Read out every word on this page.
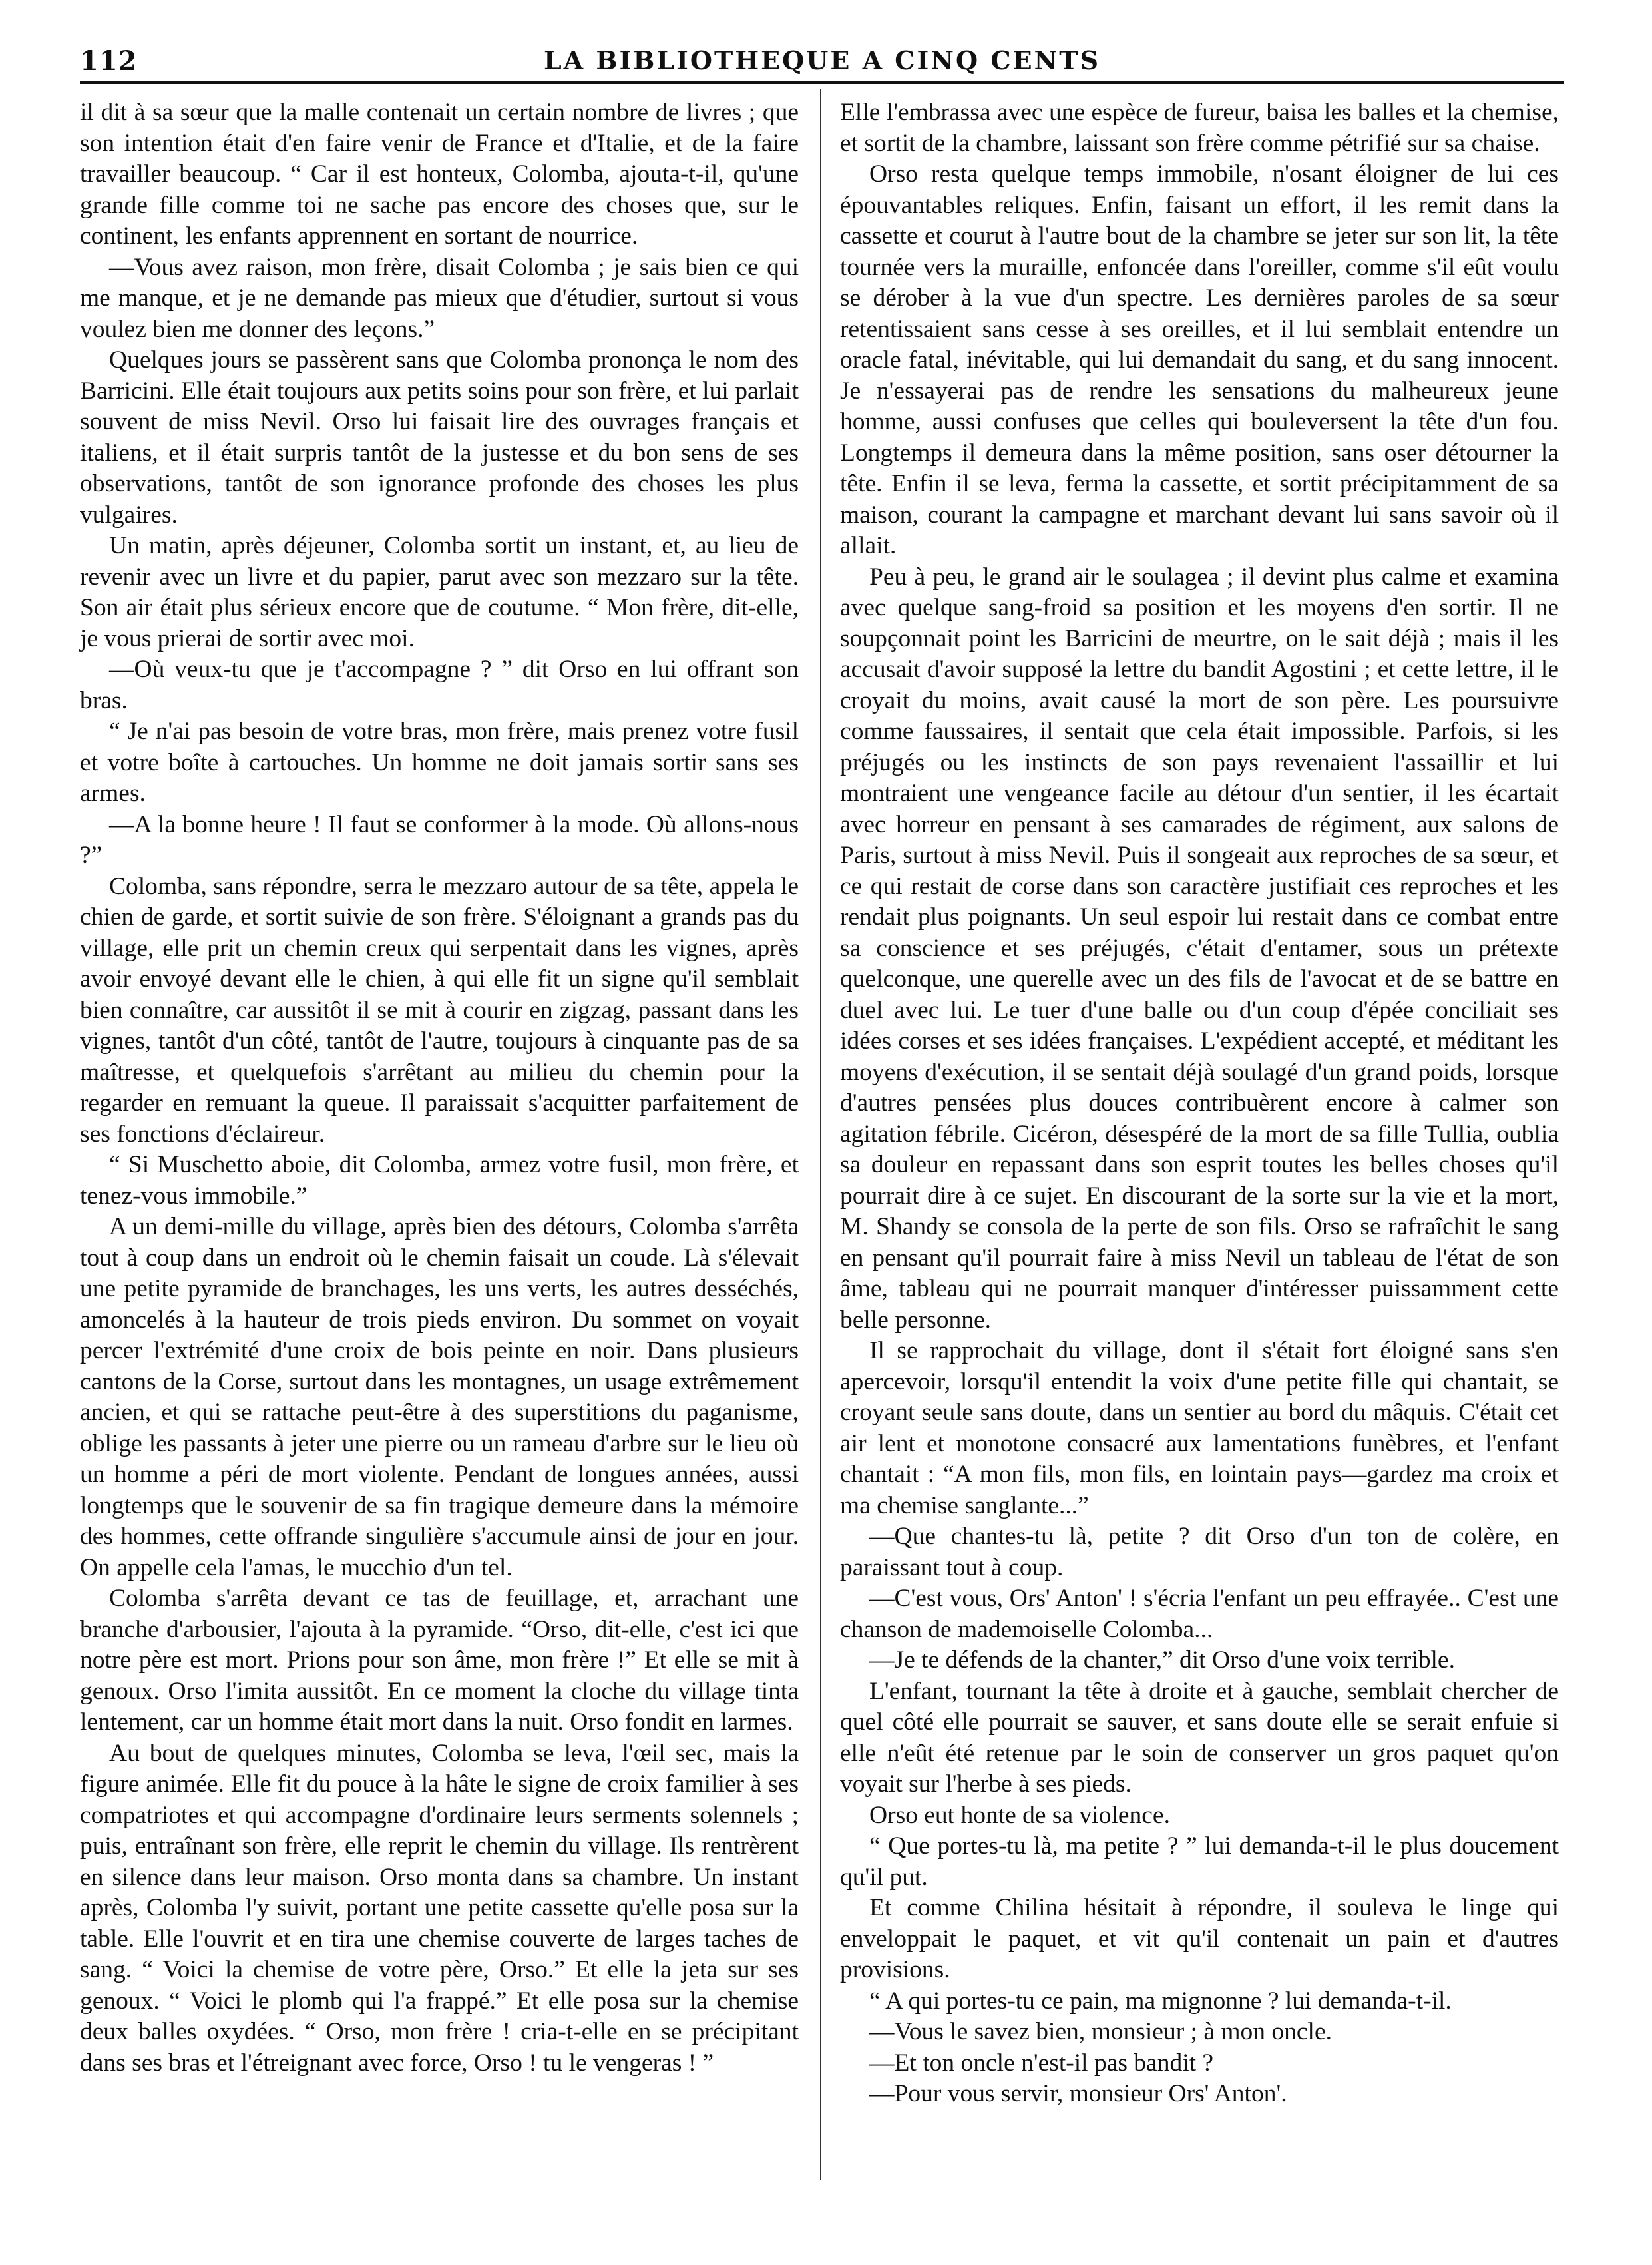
112	LA BIBLIOTHEQUE A CINQ CENTS

il dit à sa sœur que la malle contenait un certain nombre de livres ; que son intention était d'en faire venir de France et d'Italie, et de la faire travailler beaucoup. “ Car il est honteux, Colomba, ajouta-t-il, qu'une grande fille comme toi ne sache pas encore des choses que, sur le continent, les enfants apprennent en sortant de nourrice.

—Vous avez raison, mon frère, disait Colomba ; je sais bien ce qui me manque, et je ne demande pas mieux que d'étudier, surtout si vous voulez bien me donner des leçons.”

Quelques jours se passèrent sans que Colomba prononça le nom des Barricini. Elle était toujours aux petits soins pour son frère, et lui parlait souvent de miss Nevil. Orso lui faisait lire des ouvrages français et italiens, et il était surpris tantôt de la justesse et du bon sens de ses observations, tantôt de son ignorance profonde des choses les plus vulgaires.

Un matin, après déjeuner, Colomba sortit un instant, et, au lieu de revenir avec un livre et du papier, parut avec son mezzaro sur la tête. Son air était plus sérieux encore que de coutume. “ Mon frère, dit-elle, je vous prierai de sortir avec moi.

—Où veux-tu que je t'accompagne ? ” dit Orso en lui offrant son bras.

“ Je n'ai pas besoin de votre bras, mon frère, mais prenez votre fusil et votre boîte à cartouches. Un homme ne doit jamais sortir sans ses armes.

—A la bonne heure ! Il faut se conformer à la mode. Où allons-nous ?”

Colomba, sans répondre, serra le mezzaro autour de sa tête, appela le chien de garde, et sortit suivie de son frère. S'éloignant a grands pas du village, elle prit un chemin creux qui serpentait dans les vignes, après avoir envoyé devant elle le chien, à qui elle fit un signe qu'il semblait bien connaître, car aussitôt il se mit à courir en zigzag, passant dans les vignes, tantôt d'un côté, tantôt de l'autre, toujours à cinquante pas de sa maîtresse, et quelquefois s'arrêtant au milieu du chemin pour la regarder en remuant la queue. Il paraissait s'acquitter parfaitement de ses fonctions d'éclaireur.

“ Si Muschetto aboie, dit Colomba, armez votre fusil, mon frère, et tenez-vous immobile.”

A un demi-mille du village, après bien des détours, Colomba s'arrêta tout à coup dans un endroit où le chemin faisait un coude. Là s'élevait une petite pyramide de branchages, les uns verts, les autres desséchés, amoncelés à la hauteur de trois pieds environ. Du sommet on voyait percer l'extrémité d'une croix de bois peinte en noir. Dans plusieurs cantons de la Corse, surtout dans les montagnes, un usage extrêmement ancien, et qui se rattache peut-être à des superstitions du paganisme, oblige les passants à jeter une pierre ou un rameau d'arbre sur le lieu où un homme a péri de mort violente. Pendant de longues années, aussi longtemps que le souvenir de sa fin tragique demeure dans la mémoire des hommes, cette offrande singulière s'accumule ainsi de jour en jour. On appelle cela l'amas, le mucchio d'un tel.

Colomba s'arrêta devant ce tas de feuillage, et, arrachant une branche d'arbousier, l'ajouta à la pyramide. “Orso, dit-elle, c'est ici que notre père est mort. Prions pour son âme, mon frère !” Et elle se mit à genoux. Orso l'imita aussitôt. En ce moment la cloche du village tinta lentement, car un homme était mort dans la nuit. Orso fondit en larmes.

Au bout de quelques minutes, Colomba se leva, l'œil sec, mais la figure animée. Elle fit du pouce à la hâte le signe de croix familier à ses compatriotes et qui accompagne d'ordinaire leurs serments solennels ; puis, entraînant son frère, elle reprit le chemin du village. Ils rentrèrent en silence dans leur maison. Orso monta dans sa chambre. Un instant après, Colomba l'y suivit, portant une petite cassette qu'elle posa sur la table. Elle l'ouvrit et en tira une chemise couverte de larges taches de sang. “ Voici la chemise de votre père, Orso.” Et elle la jeta sur ses genoux. “ Voici le plomb qui l'a frappé.” Et elle posa sur la chemise deux balles oxydées. “ Orso, mon frère ! cria-t-elle en se précipitant dans ses bras et l'étreignant avec force, Orso ! tu le vengeras ! ”

Elle l'embrassa avec une espèce de fureur, baisa les balles et la chemise, et sortit de la chambre, laissant son frère comme pétrifié sur sa chaise.

Orso resta quelque temps immobile, n'osant éloigner de lui ces épouvantables reliques. Enfin, faisant un effort, il les remit dans la cassette et courut à l'autre bout de la chambre se jeter sur son lit, la tête tournée vers la muraille, enfoncée dans l'oreiller, comme s'il eût voulu se dérober à la vue d'un spectre. Les dernières paroles de sa sœur retentissaient sans cesse à ses oreilles, et il lui semblait entendre un oracle fatal, inévitable, qui lui demandait du sang, et du sang innocent. Je n'essayerai pas de rendre les sensations du malheureux jeune homme, aussi confuses que celles qui bouleversent la tête d'un fou. Longtemps il demeura dans la même position, sans oser détourner la tête. Enfin il se leva, ferma la cassette, et sortit précipitamment de sa maison, courant la campagne et marchant devant lui sans savoir où il allait.

Peu à peu, le grand air le soulagea ; il devint plus calme et examina avec quelque sang-froid sa position et les moyens d'en sortir. Il ne soupçonnait point les Barricini de meurtre, on le sait déjà ; mais il les accusait d'avoir supposé la lettre du bandit Agostini ; et cette lettre, il le croyait du moins, avait causé la mort de son père. Les poursuivre comme faussaires, il sentait que cela était impossible. Parfois, si les préjugés ou les instincts de son pays revenaient l'assaillir et lui montraient une vengeance facile au détour d'un sentier, il les écartait avec horreur en pensant à ses camarades de régiment, aux salons de Paris, surtout à miss Nevil. Puis il songeait aux reproches de sa sœur, et ce qui restait de corse dans son caractère justifiait ces reproches et les rendait plus poignants. Un seul espoir lui restait dans ce combat entre sa conscience et ses préjugés, c'était d'entamer, sous un prétexte quelconque, une querelle avec un des fils de l'avocat et de se battre en duel avec lui. Le tuer d'une balle ou d'un coup d'épée conciliait ses idées corses et ses idées françaises. L'expédient accepté, et méditant les moyens d'exécution, il se sentait déjà soulagé d'un grand poids, lorsque d'autres pensées plus douces contribuèrent encore à calmer son agitation fébrile. Cicéron, désespéré de la mort de sa fille Tullia, oublia sa douleur en repassant dans son esprit toutes les belles choses qu'il pourrait dire à ce sujet. En discourant de la sorte sur la vie et la mort, M. Shandy se consola de la perte de son fils. Orso se rafraîchit le sang en pensant qu'il pourrait faire à miss Nevil un tableau de l'état de son âme, tableau qui ne pourrait manquer d'intéresser puissamment cette belle personne.

Il se rapprochait du village, dont il s'était fort éloigné sans s'en apercevoir, lorsqu'il entendit la voix d'une petite fille qui chantait, se croyant seule sans doute, dans un sentier au bord du mâquis. C'était cet air lent et monotone consacré aux lamentations funèbres, et l'enfant chantait : “A mon fils, mon fils, en lointain pays—gardez ma croix et ma chemise sanglante...”

—Que chantes-tu là, petite ? dit Orso d'un ton de colère, en paraissant tout à coup.

—C'est vous, Ors' Anton' ! s'écria l'enfant un peu effrayée.. C'est une chanson de mademoiselle Colomba...

—Je te défends de la chanter,” dit Orso d'une voix terrible.

L'enfant, tournant la tête à droite et à gauche, semblait chercher de quel côté elle pourrait se sauver, et sans doute elle se serait enfuie si elle n'eût été retenue par le soin de conserver un gros paquet qu'on voyait sur l'herbe à ses pieds.

Orso eut honte de sa violence.

“ Que portes-tu là, ma petite ? ” lui demanda-t-il le plus doucement qu'il put.

Et comme Chilina hésitait à répondre, il souleva le linge qui enveloppait le paquet, et vit qu'il contenait un pain et d'autres provisions.

“ A qui portes-tu ce pain, ma mignonne ? lui demanda-t-il.

—Vous le savez bien, monsieur ; à mon oncle.

—Et ton oncle n'est-il pas bandit ?

—Pour vous servir, monsieur Ors' Anton'.
